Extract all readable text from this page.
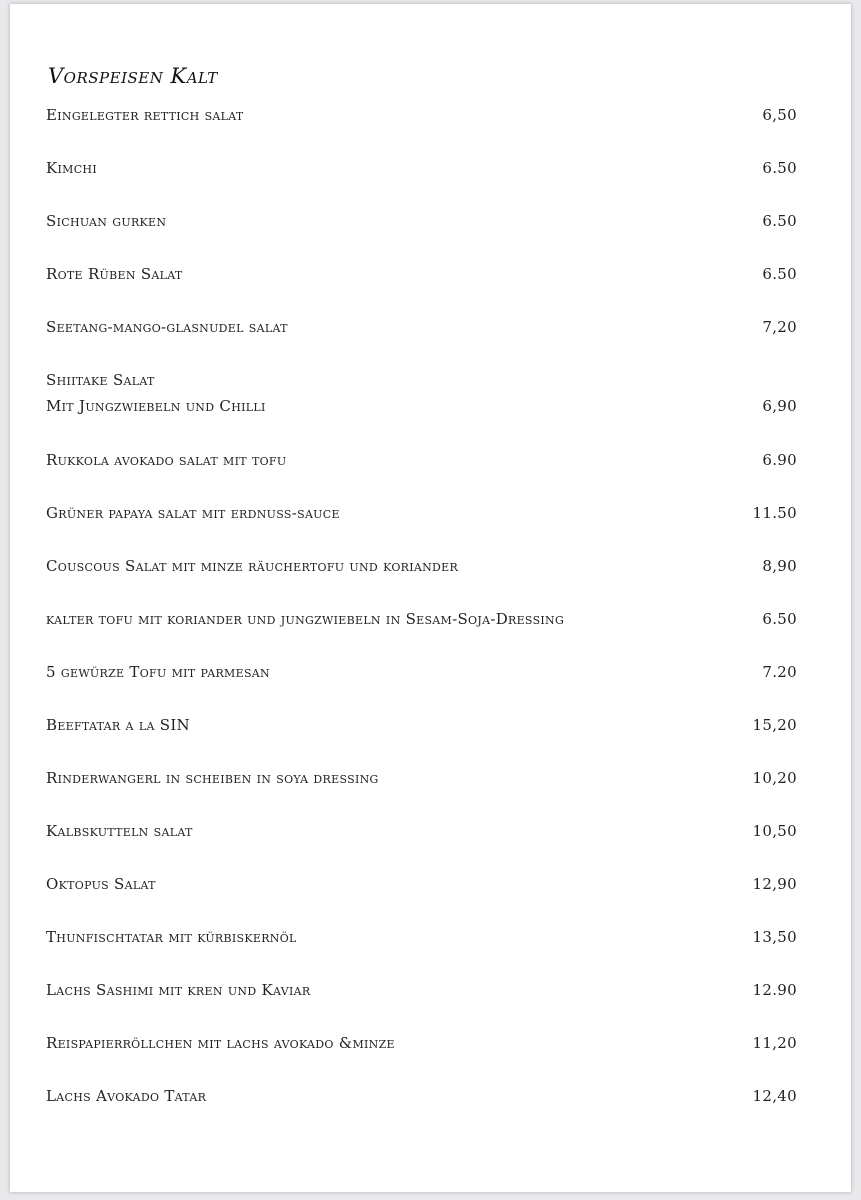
Vorspeisen Kalt
Eingelegter rettich salat	6,50
Kimchi	6.50
Sichuan gurken	6.50
Rote Rüben Salat	6.50
Seetang-mango-glasnudel salat	7,20
Shiitake Salat
Mit Jungzwiebeln und Chilli	6,90
Rukkola avokado salat mit tofu	6.90
Grüner papaya salat mit erdnuss-sauce	11.50
Couscous Salat mit minze räuchertofu und koriander	8,90
kalter tofu mit koriander und jungzwiebeln in Sesam-Soja-Dressing	6.50
5 gewürze Tofu mit parmesan	7.20
Beeftatar a la SIN	15,20
Rinderwangerl in scheiben in soya dressing	10,20
Kalbskutteln salat	10,50
Oktopus Salat	12,90
Thunfischtatar mit kürbiskernöl	13,50
Lachs Sashimi mit kren und Kaviar	12.90
Reispapierröllchen mit lachs avokado &minze	11,20
Lachs Avokado Tatar	12,40
